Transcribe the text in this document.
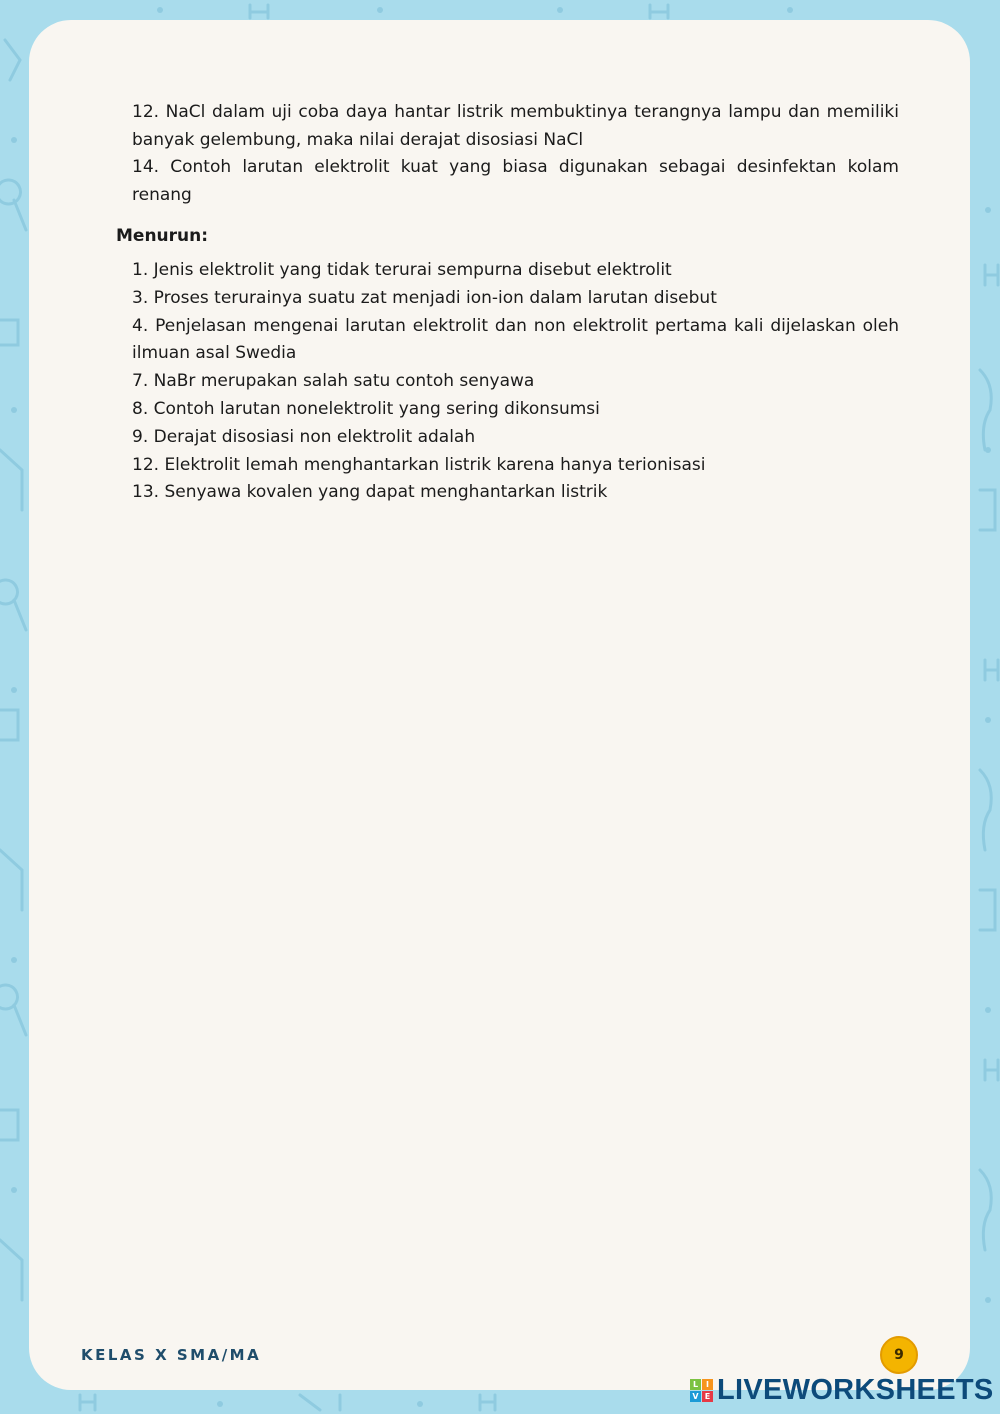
12. NaCl dalam uji coba daya hantar listrik membuktinya terangnya lampu dan memiliki banyak gelembung, maka nilai derajat disosiasi NaCl

14. Contoh larutan elektrolit kuat yang biasa digunakan sebagai desinfektan kolam renang

Menurun:

1. Jenis elektrolit yang tidak terurai sempurna disebut elektrolit
3. Proses terurainya suatu zat menjadi ion-ion dalam larutan disebut
4. Penjelasan mengenai larutan elektrolit dan non elektrolit pertama kali dijelaskan oleh ilmuan asal Swedia
7. NaBr merupakan salah satu contoh senyawa
8. Contoh larutan nonelektrolit yang sering dikonsumsi
9. Derajat disosiasi non elektrolit adalah
12. Elektrolit lemah menghantarkan listrik karena hanya terionisasi
13. Senyawa kovalen yang dapat menghantarkan listrik
KELAS X SMA/MA	9
L I
V E LIVEWORKSHEETS
